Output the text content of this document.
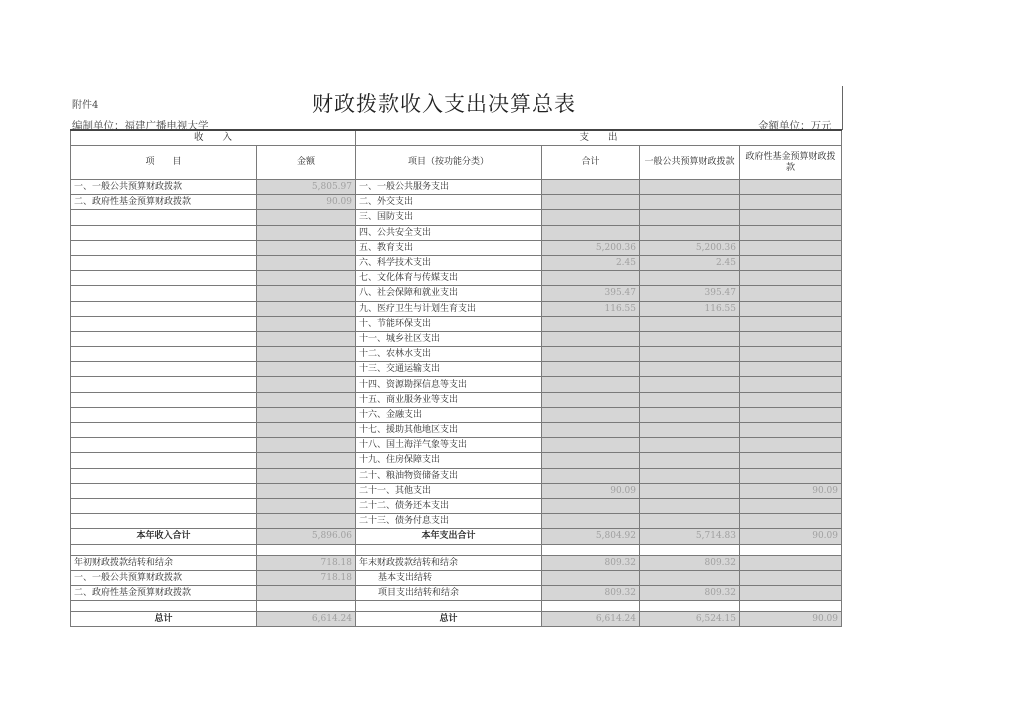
附件4	财政拨款收入支出决算总表
编制单位：福建广播电视大学	金额单位：万元
收　　入		支　　出			
项　　目	金额	项目（按功能分类）	合计	一般公共预算财政拨款	政府性基金预算财政拨款
一、一般公共预算财政拨款	5,805.97	一、一般公共服务支出			
二、政府性基金预算财政拨款	90.09	二、外交支出			
		三、国防支出			
		四、公共安全支出			
		五、教育支出	5,200.36	5,200.36	
		六、科学技术支出	2.45	2.45	
		七、文化体育与传媒支出			
		八、社会保障和就业支出	395.47	395.47	
		九、医疗卫生与计划生育支出	116.55	116.55	
		十、节能环保支出			
		十一、城乡社区支出			
		十二、农林水支出			
		十三、交通运输支出			
		十四、资源勘探信息等支出			
		十五、商业服务业等支出			
		十六、金融支出			
		十七、援助其他地区支出			
		十八、国土海洋气象等支出			
		十九、住房保障支出			
		二十、粮油物资储备支出			
		二十一、其他支出	90.09		90.09
		二十二、债务还本支出			
		二十三、债务付息支出			
本年收入合计	5,896.06	本年支出合计	5,804.92	5,714.83	90.09

年初财政拨款结转和结余	718.18	年末财政拨款结转和结余	809.32	809.32	
一、一般公共预算财政拨款	718.18	基本支出结转			
二、政府性基金预算财政拨款		项目支出结转和结余	809.32	809.32	

总计	6,614.24	总计	6,614.24	6,524.15	90.09
